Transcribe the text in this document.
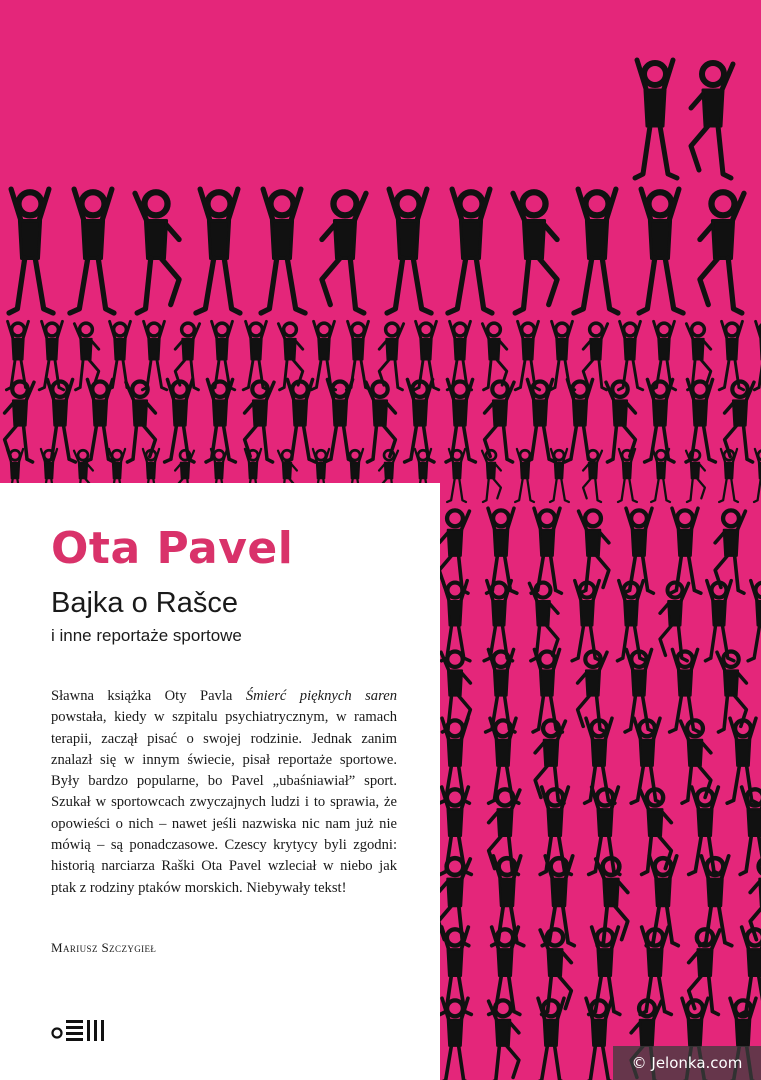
Ota Pavel
Bajka o Rašce

i inne reportaże sportowe

Sławna książka Oty Pavla Śmierć pięknych saren powstała, kiedy w szpitalu psychiatrycznym, w ramach terapii, zaczął pisać o swojej rodzinie. Jednak zanim znalazł się w innym świecie, pisał reportaże sportowe. Były bardzo popularne, bo Pavel „ubaśniawiał” sport. Szukał w sportowcach zwyczajnych ludzi i to sprawia, że opowieści o nich – nawet jeśli nazwiska nic nam już nie mówią – są ponadczasowe. Czescy krytycy byli zgodni: historią narciarza Raški Ota Pavel wzleciał w niebo jak ptak z rodziny ptaków morskich. Niebywały tekst!

Mariusz Szczygieł

© Jelonka.com
